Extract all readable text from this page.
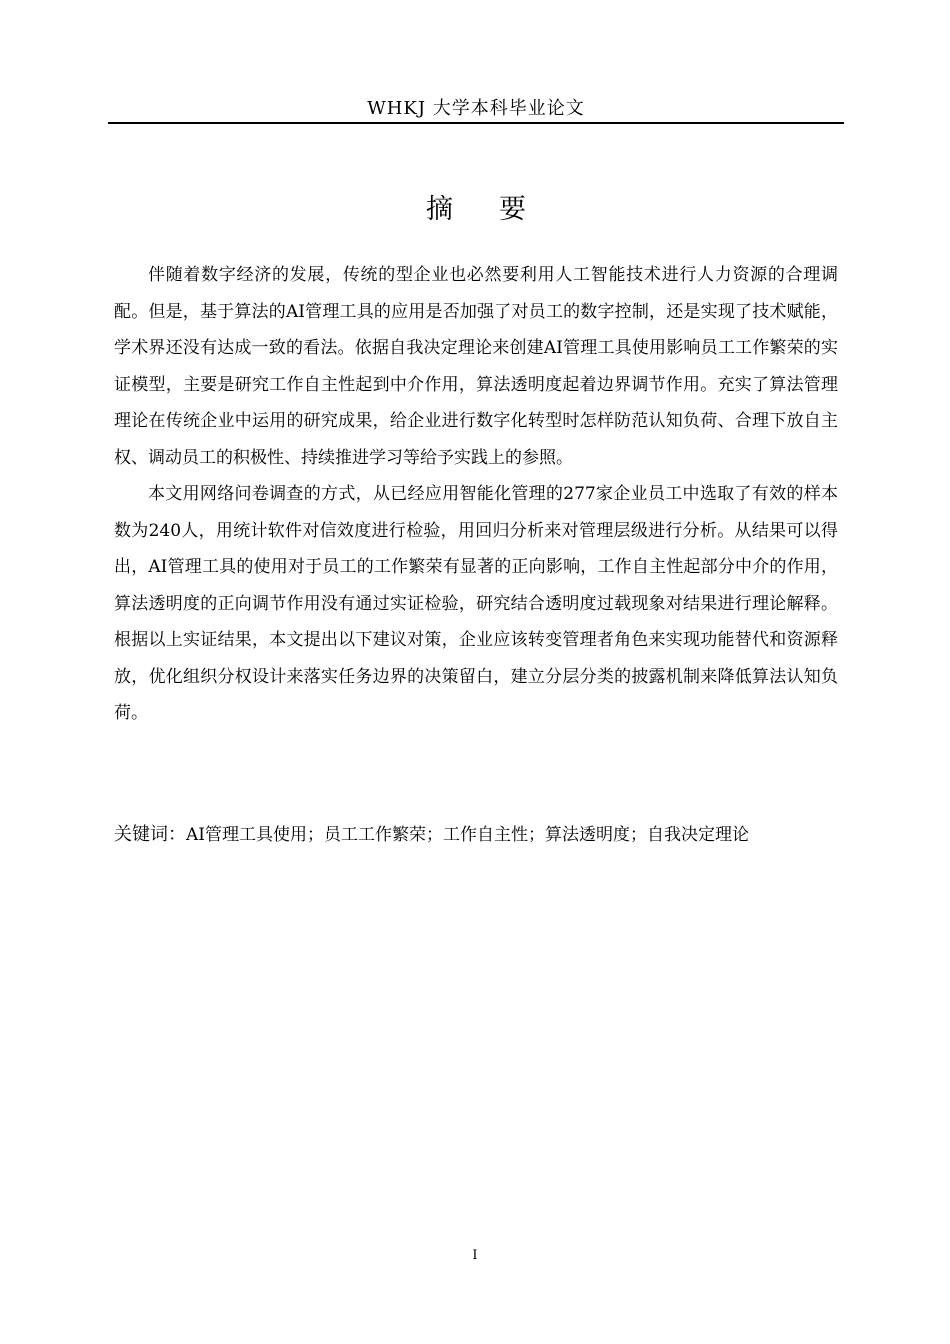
WHKJ 大学本科毕业论文
摘要

伴随着数字经济的发展，传统的型企业也必然要利用人工智能技术进行人力资源的合理调配。但是，基于算法的AI管理工具的应用是否加强了对员工的数字控制，还是实现了技术赋能，学术界还没有达成一致的看法。依据自我决定理论来创建AI管理工具使用影响员工工作繁荣的实证模型，主要是研究工作自主性起到中介作用，算法透明度起着边界调节作用。充实了算法管理理论在传统企业中运用的研究成果，给企业进行数字化转型时怎样防范认知负荷、合理下放自主权、调动员工的积极性、持续推进学习等给予实践上的参照。

本文用网络问卷调查的方式，从已经应用智能化管理的277家企业员工中选取了有效的样本数为240人，用统计软件对信效度进行检验，用回归分析来对管理层级进行分析。从结果可以得出，AI管理工具的使用对于员工的工作繁荣有显著的正向影响，工作自主性起部分中介的作用，算法透明度的正向调节作用没有通过实证检验，研究结合透明度过载现象对结果进行理论解释。根据以上实证结果，本文提出以下建议对策，企业应该转变管理者角色来实现功能替代和资源释放，优化组织分权设计来落实任务边界的决策留白，建立分层分类的披露机制来降低算法认知负荷。

关键词：AI管理工具使用；员工工作繁荣；工作自主性；算法透明度；自我决定理论
I
